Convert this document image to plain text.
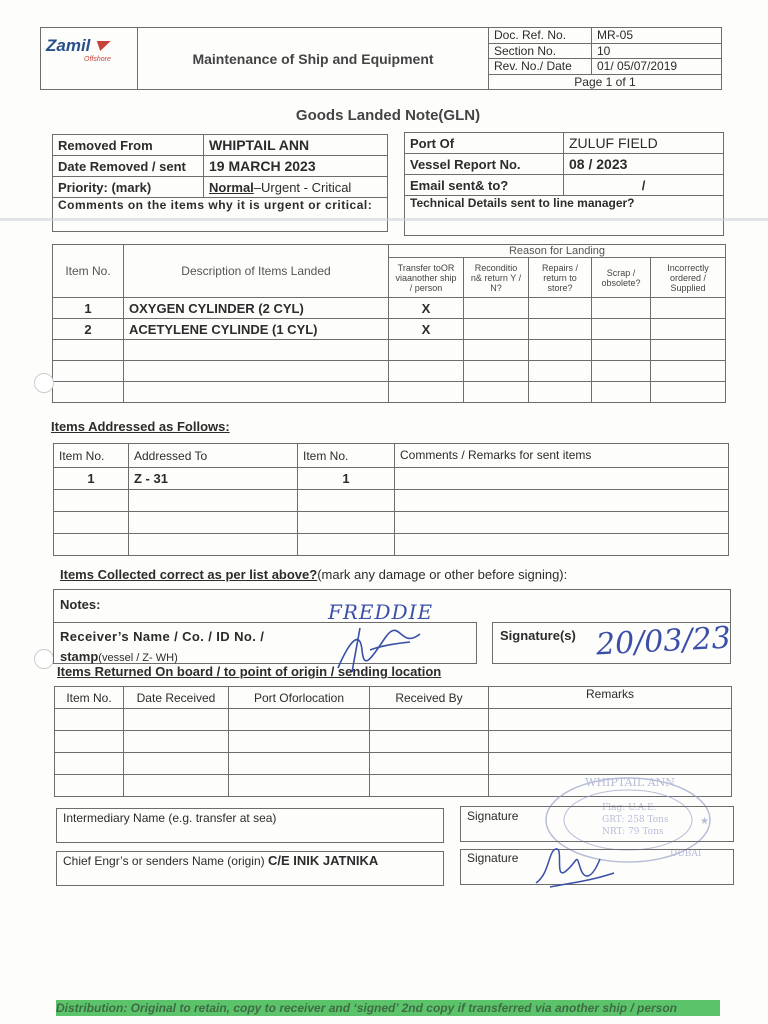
Zamil
Offshore	Maintenance of Ship and Equipment	Doc. Ref. No.	MR-05
		Section No.	10
		Rev. No./ Date	01/ 05/07/2019
		Page 1 of 1	
Goods Landed Note(GLN)
Removed From	WHIPTAIL ANN
Date Removed / sent	19 MARCH 2023
Priority: (mark)	Normal–Urgent - Critical
Comments on the items why it is urgent or critical:	
Port Of	ZULUF FIELD
Vessel Report No.	08 / 2023
Email sent& to?	/
Technical Details sent to line manager?	
Item No.	Description of Items Landed	Reason for Landing				
		Transfer toOR viaanother ship / person	Reconditio n& return Y / N?	Repairs / return to store?	Scrap / obsolete?	Incorrectly ordered / Supplied
1	OXYGEN CYLINDER (2 CYL)	X				
2	ACETYLENE CYLINDE (1 CYL)	X				

Items Addressed as Follows:
Item No.	Addressed To	Item No.	Comments / Remarks for sent items
1	Z - 31	1	

Items Collected correct as per list above?(mark any damage or other before signing):
Notes:
Receiver’s Name / Co. / ID No. /
stamp(vessel / Z- WH)
FREDDIE
Signature(s) 20/03/23
Items Returned On board / to point of origin / sending location
Item No.	Date Received	Port Oforlocation	Received By	Remarks

WHIPTAIL ANN
Flag: U.A.E.
GRT: 258 Tons
NRT: 79 Tons
DUBAI
★
Intermediary Name (e.g. transfer at sea)	Signature
Chief Engr’s or senders Name (origin) C/E INIK JATNIKA	Signature
Distribution: Original to retain, copy to receiver and ‘signed’ 2nd copy if transferred via another ship / person
